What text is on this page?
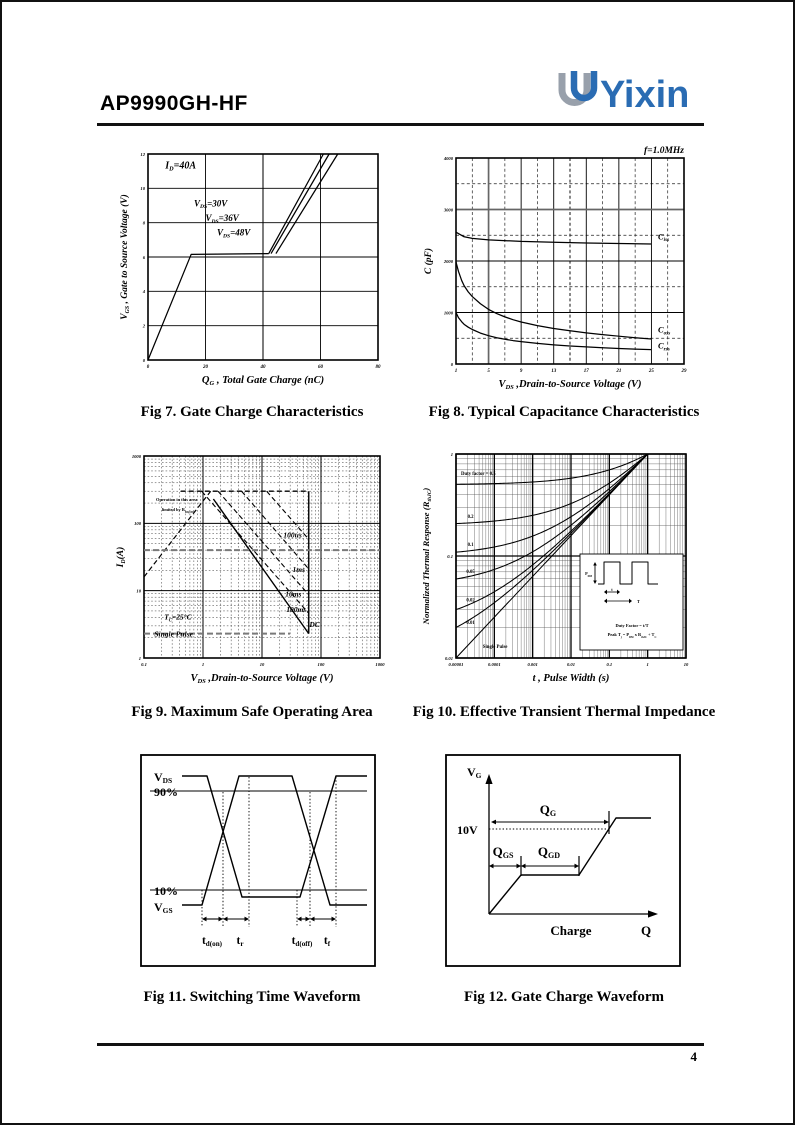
AP9990GH-HF	Yixin
0	20	40	60	80
0
2
4
6
8
10
12
ID=40A
$V_{DS}=30V$
$V_{DS}=36V$
$V_{DS}=48V$
QG , Total Gate Charge (nC)
VGS , Gate to Source Voltage (V)
1	5	9	13	17	21	25	29
0
1000
2000
3000
4000
$C_{iss}$
$C_{oss}$
$C_{rss}$
f=1.0MHz
VDS ,Drain-to-Source Voltage (V)
C (pF)
Fig 7. Gate Charge Characteristics	Fig 8. Typical Capacitance Characteristics
0.1	1	10	100	1000
1
10
100
1000
100us
1ms
10ms
100ms
DC
Operation in this area
limited by $R_{DS(ON)}$
$T_C=25^\circ C$
Single Pulse
VDS ,Drain-to-Source Voltage (V)
ID(A)
0.00001	0.0001	0.001	0.01	0.1	1	10
0.01
0.1
1
$P_{DM}$
t
T
Duty Factor = t/T
Peak $T_j = P_{DM}$ x $R_{thJC} + T_C$
Duty factor = 0.5
0.2
0.1
0.05
0.02
0.01
Single Pulse
t , Pulse Width (s)
Normalized Thermal Response $(R_{thJC})$
Fig 9. Maximum Safe Operating Area	Fig 10. Effective Transient Thermal Impedance
VDS
90%
10%
VGS
td(on) tr	td(off) tf
VG
10V
QG
QGS QGD
Charge	Q
Fig 11. Switching Time Waveform	Fig 12. Gate Charge Waveform
4
